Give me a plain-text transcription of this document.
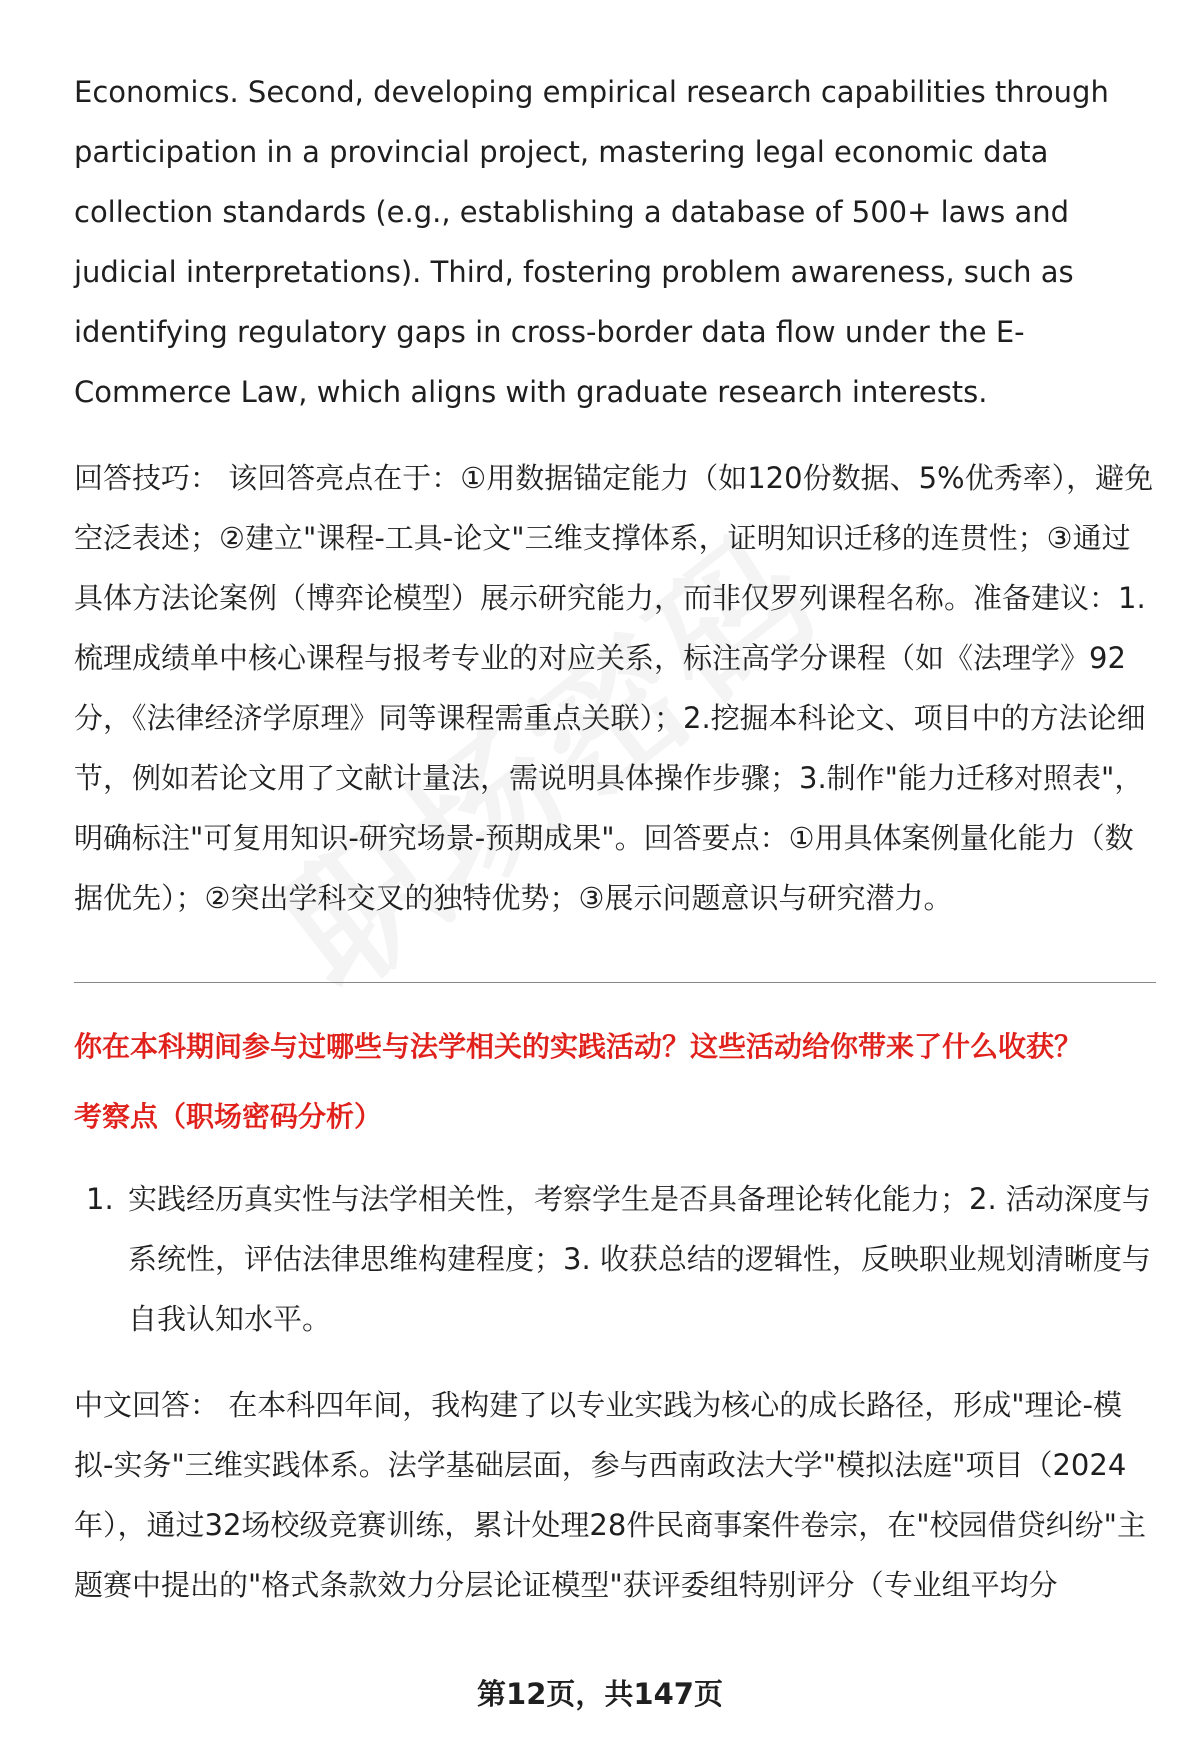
Economics. Second, developing empirical research capabilities through participation in a provincial project, mastering legal economic data collection standards (e.g., establishing a database of 500+ laws and judicial interpretations). Third, fostering problem awareness, such as identifying regulatory gaps in cross-border data flow under the E-Commerce Law, which aligns with graduate research interests.

回答技巧： 该回答亮点在于：①用数据锚定能力（如120份数据、5%优秀率），避免空泛表述；②建立"课程-工具-论文"三维支撑体系，证明知识迁移的连贯性；③通过具体方法论案例（博弈论模型）展示研究能力，而非仅罗列课程名称。准备建议：1.梳理成绩单中核心课程与报考专业的对应关系，标注高学分课程（如《法理学》92分，《法律经济学原理》同等课程需重点关联）；2.挖掘本科论文、项目中的方法论细节，例如若论文用了文献计量法，需说明具体操作步骤；3.制作"能力迁移对照表"，明确标注"可复用知识-研究场景-预期成果"。回答要点：①用具体案例量化能力（数据优先）；②突出学科交叉的独特优势；③展示问题意识与研究潜力。

你在本科期间参与过哪些与法学相关的实践活动？这些活动给你带来了什么收获？

考察点（职场密码分析）

1. 实践经历真实性与法学相关性，考察学生是否具备理论转化能力；2. 活动深度与系统性，评估法律思维构建程度；3. 收获总结的逻辑性，反映职业规划清晰度与自我认知水平。

中文回答： 在本科四年间，我构建了以专业实践为核心的成长路径，形成"理论-模拟-实务"三维实践体系。法学基础层面，参与西南政法大学"模拟法庭"项目（2024年），通过32场校级竞赛训练，累计处理28件民商事案件卷宗，在"校园借贷纠纷"主题赛中提出的"格式条款效力分层论证模型"获评委组特别评分（专业组平均分

第12页，共147页
